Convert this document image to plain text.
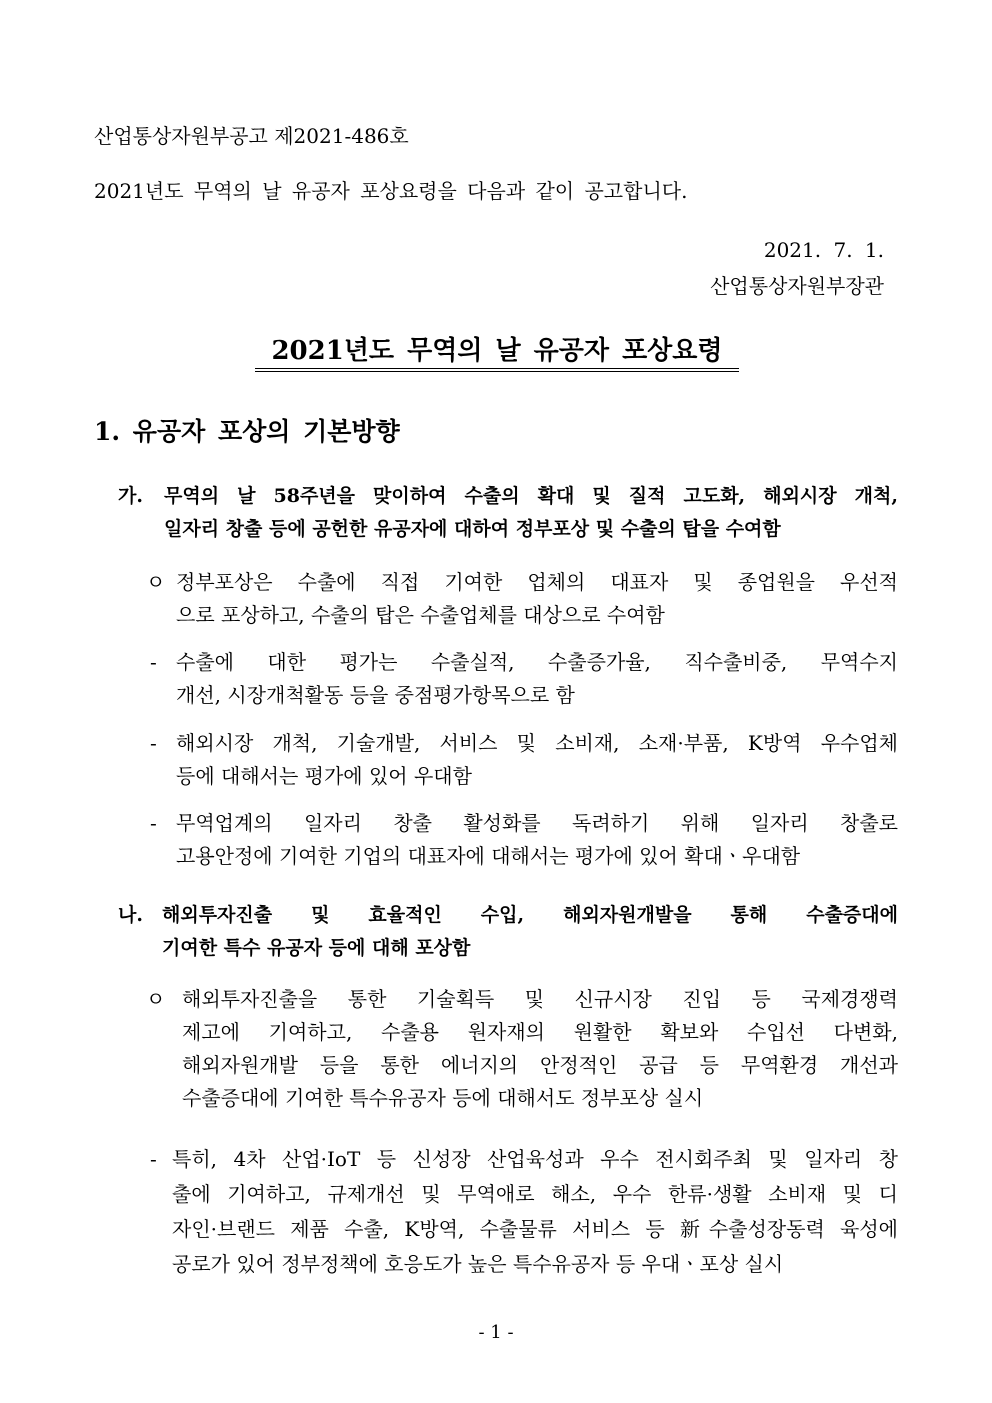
산업통상자원부공고 제2021-486호
2021년도 무역의 날 유공자 포상요령을 다음과 같이 공고합니다.
2021. 7. 1.
산업통상자원부장관
2021년도 무역의 날 유공자 포상요령
1. 유공자 포상의 기본방향
가. 무역의 날 58주년을 맞이하여 수출의 확대 및 질적 고도화, 해외시장 개척,
일자리 창출 등에 공헌한 유공자에 대하여 정부포상 및 수출의 탑을 수여함
ㅇ 정부포상은 수출에 직접 기여한 업체의 대표자 및 종업원을 우선적
으로 포상하고, 수출의 탑은 수출업체를 대상으로 수여함
- 수출에 대한 평가는 수출실적, 수출증가율, 직수출비중, 무역수지
개선, 시장개척활동 등을 중점평가항목으로 함
- 해외시장 개척, 기술개발, 서비스 및 소비재, 소재·부품, K방역 우수업체
등에 대해서는 평가에 있어 우대함
- 무역업계의 일자리 창출 활성화를 독려하기 위해 일자리 창출로
고용안정에 기여한 기업의 대표자에 대해서는 평가에 있어 확대ㆍ우대함
나. 해외투자진출 및 효율적인 수입, 해외자원개발을 통해 수출증대에
기여한 특수 유공자 등에 대해 포상함
ㅇ 해외투자진출을 통한 기술획득 및 신규시장 진입 등 국제경쟁력
제고에 기여하고, 수출용 원자재의 원활한 확보와 수입선 다변화,
해외자원개발 등을 통한 에너지의 안정적인 공급 등 무역환경 개선과
수출증대에 기여한 특수유공자 등에 대해서도 정부포상 실시
- 특히, 4차 산업·IoT 등 신성장 산업육성과 우수 전시회주최 및 일자리 창
출에 기여하고, 규제개선 및 무역애로 해소, 우수 한류·생활 소비재 및 디
자인·브랜드 제품 수출, K방역, 수출물류 서비스 등 新수출성장동력 육성에
공로가 있어 정부정책에 호응도가 높은 특수유공자 등 우대ㆍ포상 실시
- 1 -
